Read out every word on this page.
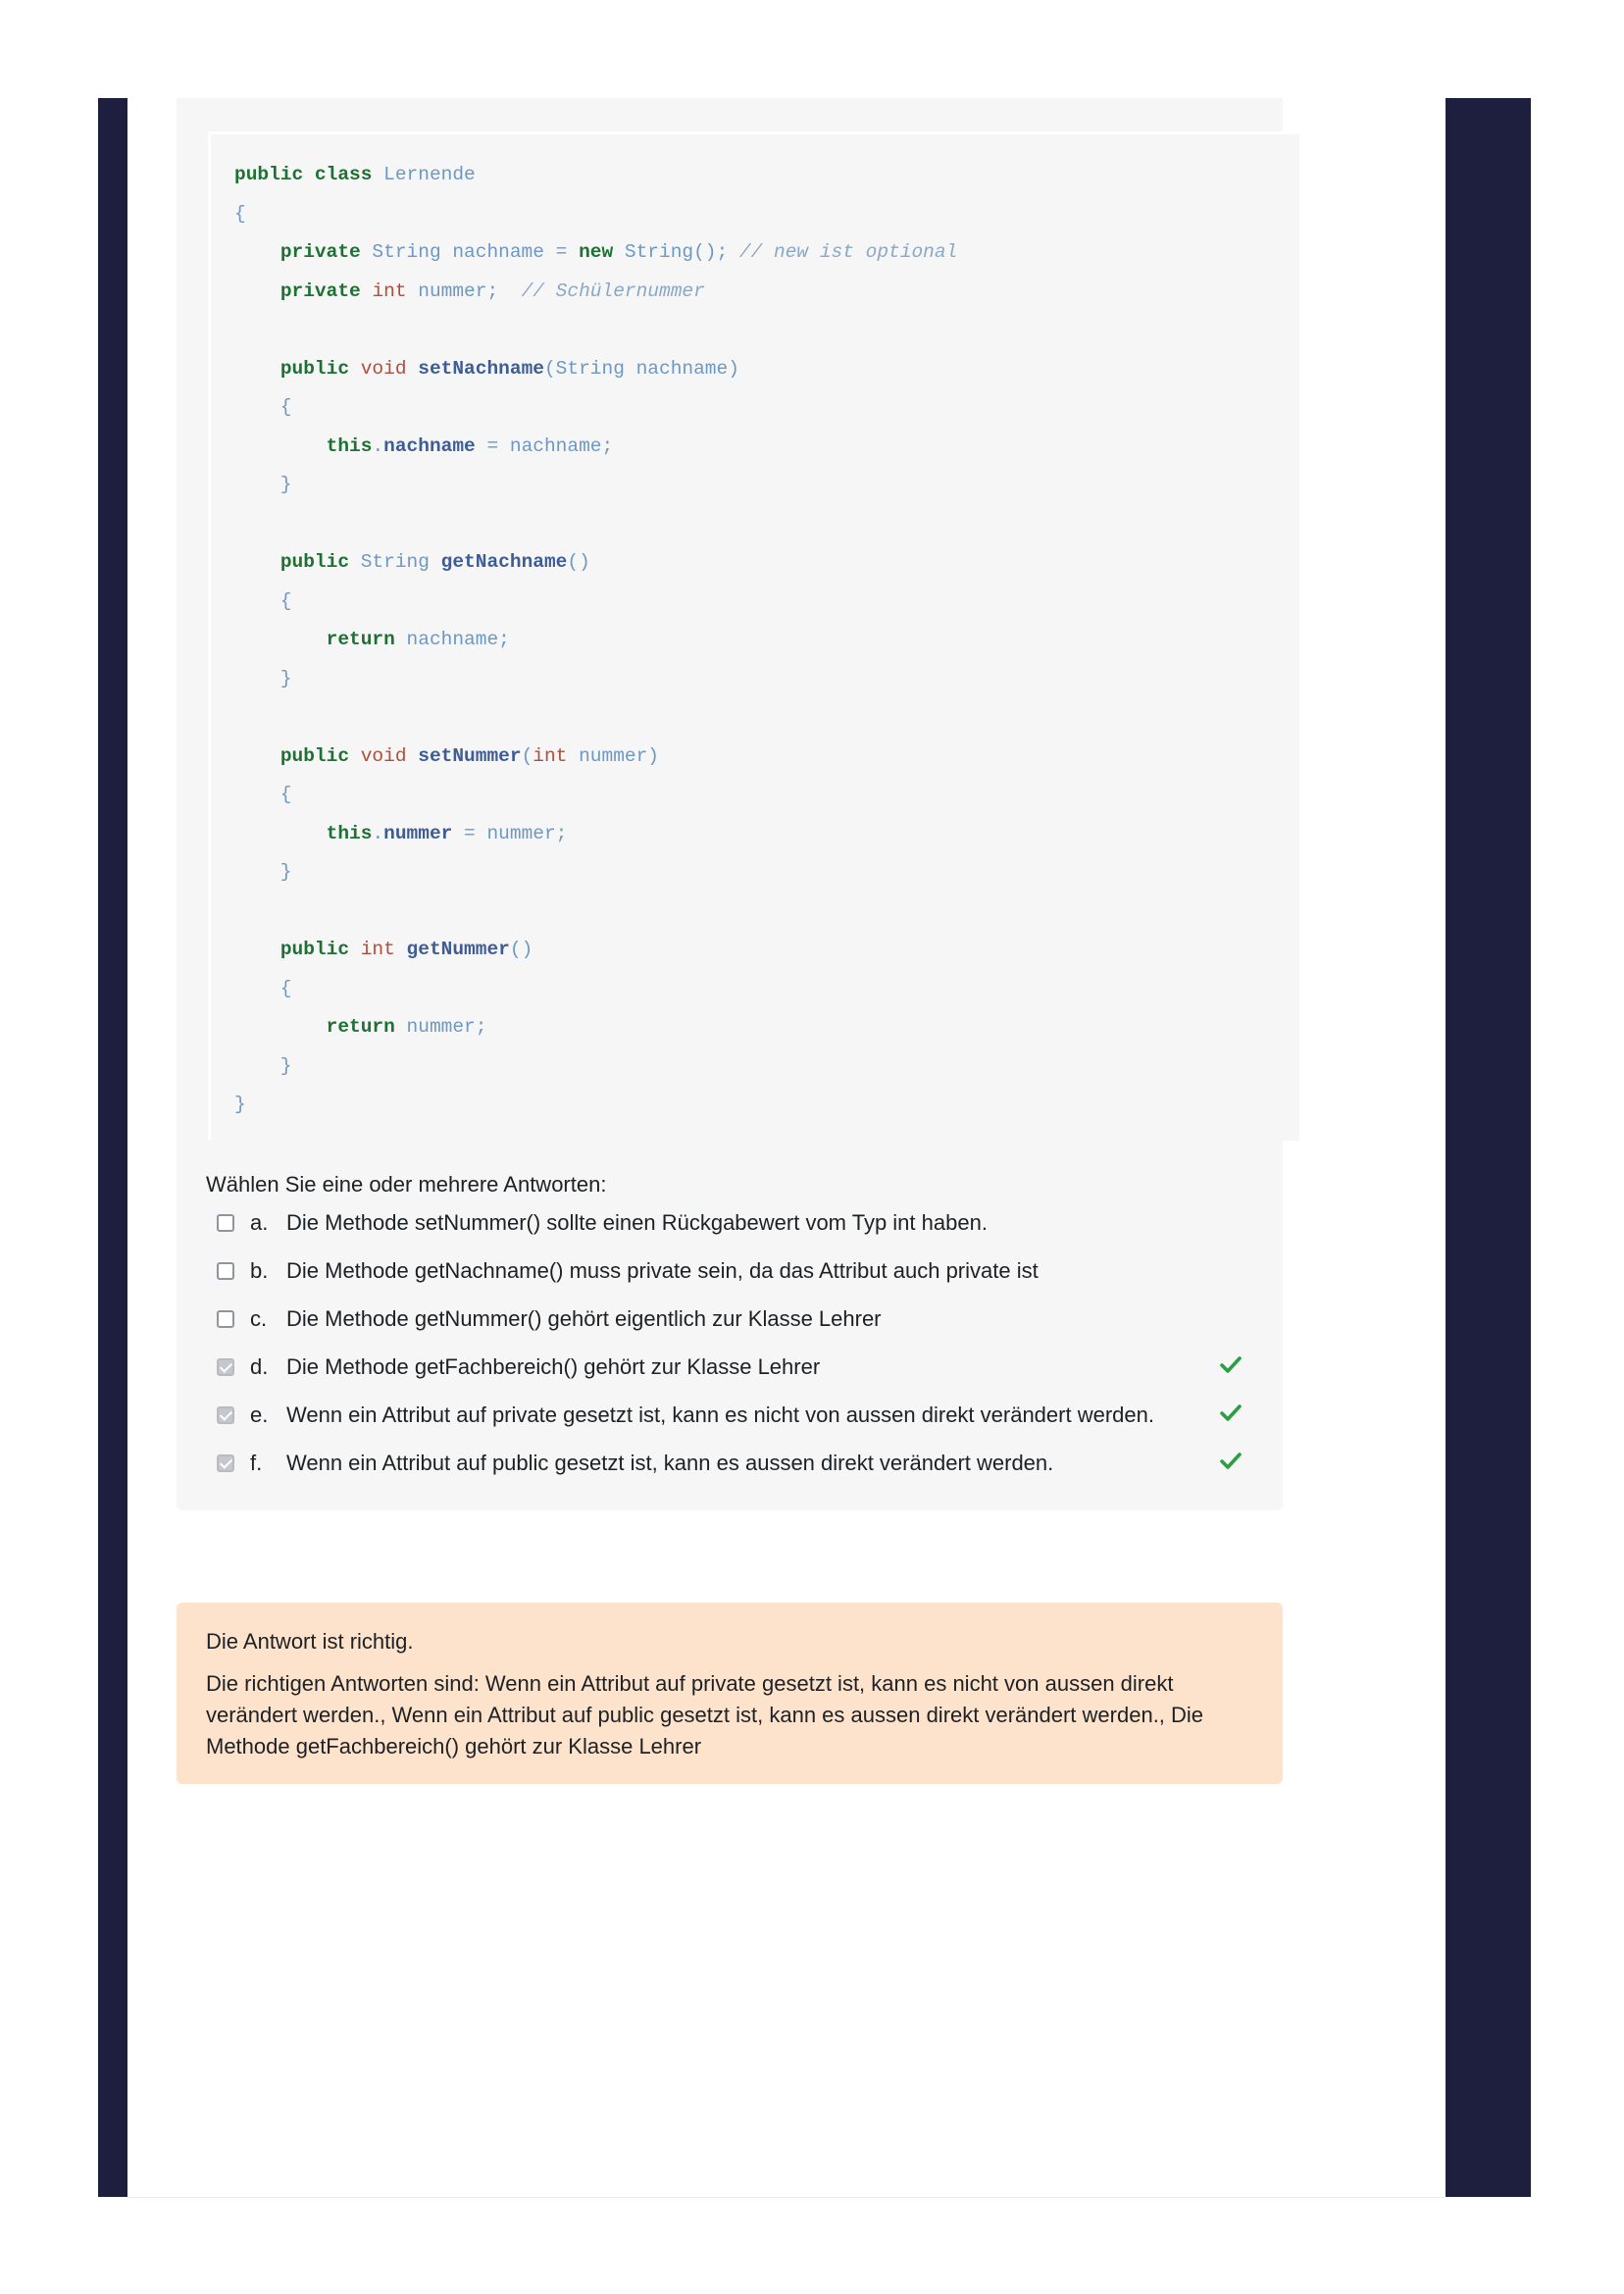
public class Lernende
{
private String nachname = new String(); // new ist optional
private int nummer;  // Schülernummer
public void setNachname(String nachname)
{
this.nachname = nachname;
}
public String getNachname()
{
return nachname;
}
public void setNummer(int nummer)
{
this.nummer = nummer;
}
public int getNummer()
{
return nummer;
}
}
Wählen Sie eine oder mehrere Antworten:
a. Die Methode setNummer() sollte einen Rückgabewert vom Typ int haben.
b. Die Methode getNachname() muss private sein, da das Attribut auch private ist
c. Die Methode getNummer() gehört eigentlich zur Klasse Lehrer
d. Die Methode getFachbereich() gehört zur Klasse Lehrer
e. Wenn ein Attribut auf private gesetzt ist, kann es nicht von aussen direkt verändert werden.
f.	Wenn ein Attribut auf public gesetzt ist, kann es aussen direkt verändert werden.
Die Antwort ist richtig.
Die richtigen Antworten sind: Wenn ein Attribut auf private gesetzt ist, kann es nicht von aussen direkt verändert werden., Wenn ein Attribut auf public gesetzt ist, kann es aussen direkt verändert werden., Die Methode getFachbereich() gehört zur Klasse Lehrer
